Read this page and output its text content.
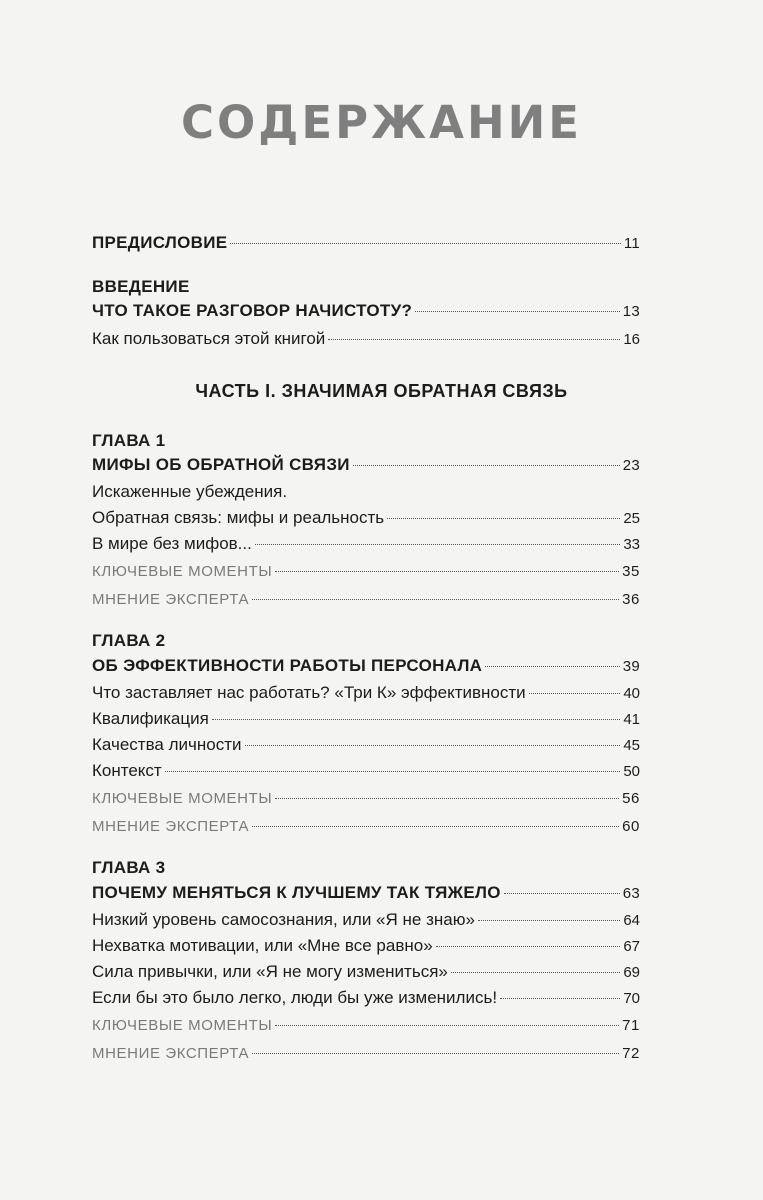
СОДЕРЖАНИЕ
ПРЕДИСЛОВИЕ	11
ВВЕДЕНИЕ
ЧТО ТАКОЕ РАЗГОВОР НАЧИСТОТУ?	13
Как пользоваться этой книгой	16
ЧАСТЬ I. ЗНАЧИМАЯ ОБРАТНАЯ СВЯЗЬ
ГЛАВА 1
МИФЫ ОБ ОБРАТНОЙ СВЯЗИ	23
Искаженные убеждения.
Обратная связь: мифы и реальность	25
В мире без мифов...	33
КЛЮЧЕВЫЕ МОМЕНТЫ	35
МНЕНИЕ ЭКСПЕРТА	36
ГЛАВА 2
ОБ ЭФФЕКТИВНОСТИ РАБОТЫ ПЕРСОНАЛА	39
Что заставляет нас работать? «Три К» эффективности	40
Квалификация	41
Качества личности	45
Контекст	50
КЛЮЧЕВЫЕ МОМЕНТЫ	56
МНЕНИЕ ЭКСПЕРТА	60
ГЛАВА 3
ПОЧЕМУ МЕНЯТЬСЯ К ЛУЧШЕМУ ТАК ТЯЖЕЛО	63
Низкий уровень самосознания, или «Я не знаю»	64
Нехватка мотивации, или «Мне все равно»	67
Сила привычки, или «Я не могу измениться»	69
Если бы это было легко, люди бы уже изменились!	70
КЛЮЧЕВЫЕ МОМЕНТЫ	71
МНЕНИЕ ЭКСПЕРТА	72
